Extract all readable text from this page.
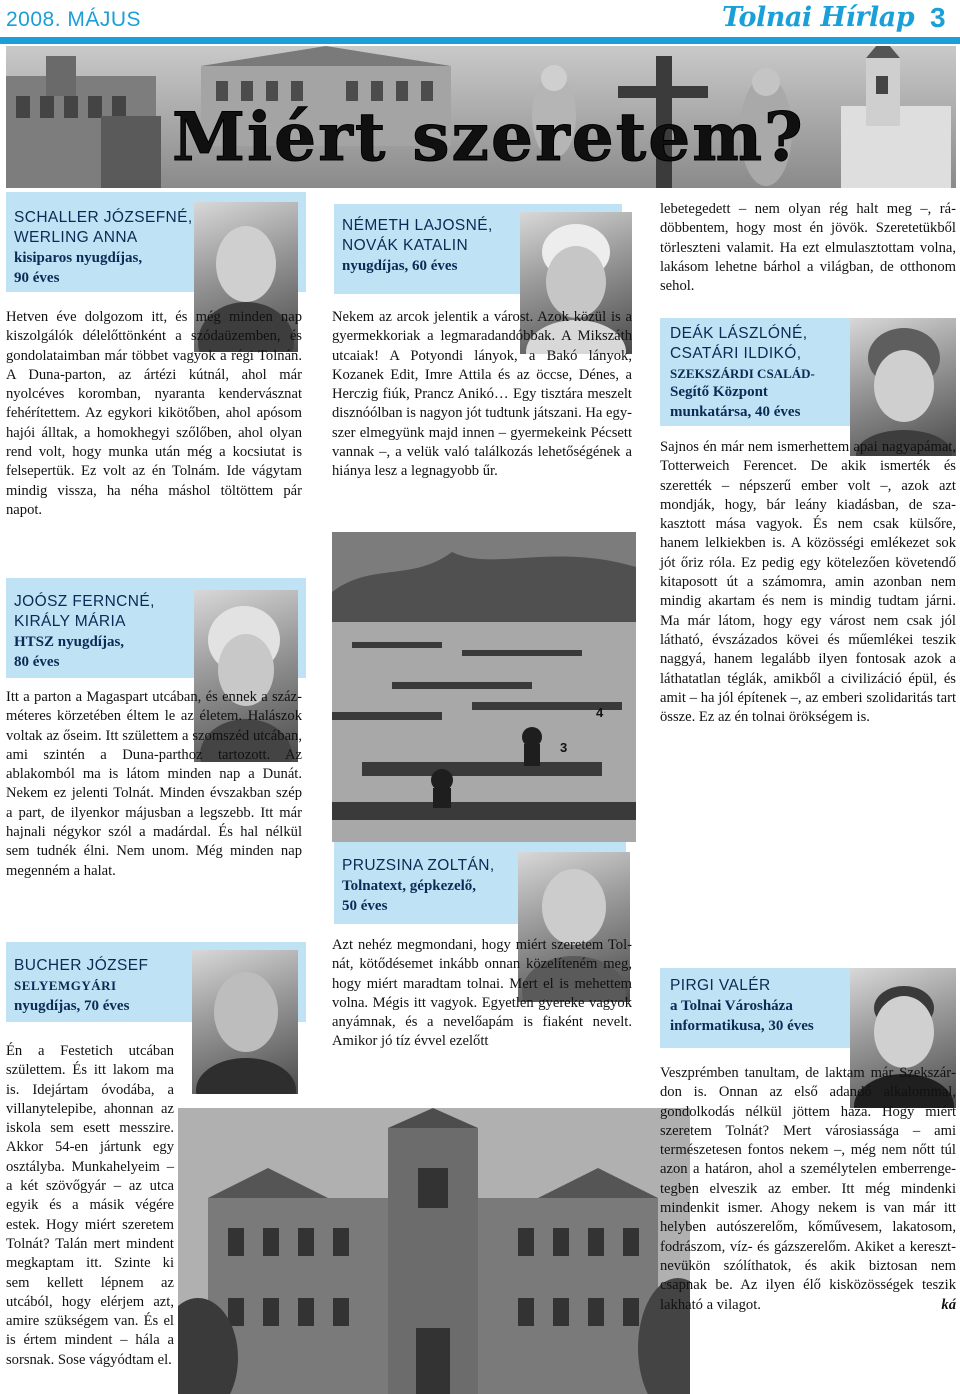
2008. MÁJUS	Tolnai Hírlap 3
Miért szeretem?
SCHALLER JÓZSEFNÉ,
WERLING ANNA
kisiparos nyugdíjas,
90 éves
Hetven éve dolgozom itt, és még minden nap kiszolgálók délelőttönként a szódaüzemben, és gondolataimban már többet vagyok a régi Tolnán. A Duna-parton, az ártézi kútnál, ahol már nyolcéves koromban, nyaranta kendervásznat fehérítettem. Az egykori kikötőben, ahol apósom hajói álltak, a homokhegyi szőlőben, ahol olyan rend volt, hogy munka után még a kocsiutat is felsepertük. Ez volt az én Tolnám. Ide vágytam mindig vissza, ha néha máshol töltöttem pár napot.
JOÓSZ FERNCNÉ,
KIRÁLY MÁRIA
HTSZ nyugdíjas,
80 éves
Itt a parton a Magaspart utcában, és ennek a százméteres körzetében éltem le az életem. Halászok voltak az őseim. Itt születtem a szomszéd utcában, ami szintén a Duna-parthoz tartozott. Az ablakomból ma is látom minden nap a Dunát. Nekem ez jelenti Tolnát. Minden évszakban szép a part, de ilyenkor májusban a legszebb. Itt már hajnali négykor szól a madárdal. És hal nélkül sem tudnék élni. Nem unom. Még minden nap megenném a halat.
BUCHER JÓZSEF
SELYEMGYÁRI
nyugdíjas, 70 éves
Én a Festetich utcában születtem. És itt lakom ma is. Idejártam óvodába, a villanytelepibe, ahonnan az iskola sem esett messzire. Akkor 54-en jártunk egy osztályba. Munkahelyeim – a két szövőgyár – az utca egyik és a másik végére estek. Hogy miért szeretem Tolnát? Talán mert mindent megkaptam itt. Szinte ki sem kellett lépnem az utcából, hogy elérjem azt, amire szükségem van. És el is értem mindent – hála a sorsnak. Sose vágyódtam el.
NÉMETH LAJOSNÉ,
NOVÁK KATALIN
nyugdíjas, 60 éves
Nekem az arcok jelentik a várost. Azok közül is a gyermekkoriak a legmaradandóbbak. A Mikszáth utcaiak! A Potyondi lányok, a Bakó lányok, Kozanek Edit, Imre Attila és az öccse, Dénes, a Herczig fiúk, Prancz Anikó… Egy tisztára meszelt disznóólban is nagyon jót tudtunk játszani. Ha egyszer elmegyünk majd innen – gyermekeink Pécsett vannak –, a velük való találkozás lehetőségének a hiánya lesz a legnagyobb űr.
4
3
PRUZSINA ZOLTÁN,
Tolnatext, gépkezelő,
50 éves
Azt nehéz megmondani, hogy miért szeretem Tolnát, kötődésemet inkább onnan közelíteném meg, hogy miért maradtam tolnai. Mert el is mehettem volna. Mégis itt vagyok. Egyetlen gyereke vagyok anyámnak, és a nevelőapám is fiaként nevelt. Amikor jó tíz évvel ezelőtt
lebetegedett – nem olyan rég halt meg –, rádöbbentem, hogy most én jövök. Szeretetükből törleszteni valamit. Ha ezt elmulasztottam volna, lakásom lehetne bárhol a világban, de otthonom sehol.
DEÁK LÁSZLÓNÉ,
CSATÁRI ILDIKÓ,
SZEKSZÁRDI CSALÁD-
Segítő Központ
munkatársa, 40 éves
Sajnos én már nem ismerhettem apai nagyapámat, Totterweich Ferencet. De akik ismerték és szerették – népszerű ember volt –, azok azt mondják, hogy, bár leány kiadásban, de szakasztott mása vagyok. És nem csak külsőre, hanem lelkiekben is. A közösségi emlékezet sok jót őriz róla. Ez pedig egy kötelezően követendő kitaposott út a számomra, amin azonban nem mindig akartam és nem is mindig tudtam járni. Ma már látom, hogy egy várost nem csak jól látható, évszázados kövei és műemlékei teszik naggyá, hanem legalább ilyen fontosak azok a láthatatlan téglák, amikből a civilizáció épül, és amit – ha jól építenek –, az emberi szolidaritás tart össze. Ez az én tolnai örökségem is.
PIRGI VALÉR
a Tolnai Városháza
informatikusa, 30 éves
Veszprémben tanultam, de laktam már Szekszárdon is. Onnan az első adandó alkalommal, gondolkodás nélkül jöttem haza. Hogy miért szeretem Tolnát? Mert városiassága – ami természetesen fontos nekem –, még nem nőtt túl azon a határon, ahol a személytelen emberrengetegben elveszik az ember. Itt még mindenki mindenkit ismer. Ahogy nekem is van már itt helyben autószerelőm, kőművesem, lakatosom, fodrászom, víz- és gázszerelőm. Akiket a keresztnevükön szólíthatok, és akik biztosan nem csapnak be. Az ilyen élő kisközösségek teszik lakható a vilagot.	ká
